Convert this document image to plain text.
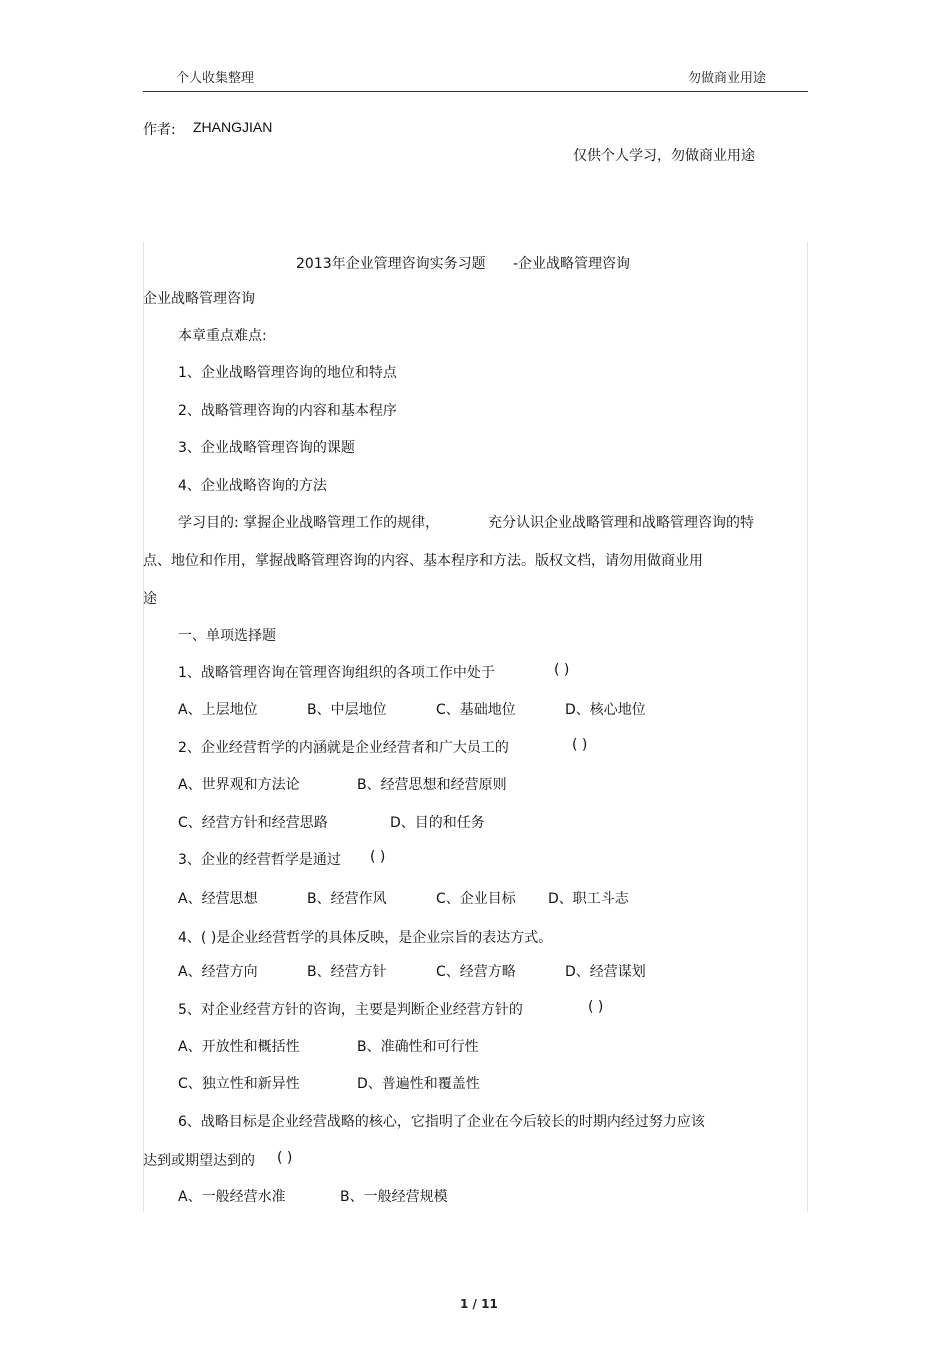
个人收集整理	勿做商业用途
作者: ZHANGJIAN
仅供个人学习，勿做商业用途
2013年企业管理咨询实务习题 -企业战略管理咨询
企业战略管理咨询
本章重点难点:
1、企业战略管理咨询的地位和特点
2、战略管理咨询的内容和基本程序
3、企业战略管理咨询的课题
4、企业战略咨询的方法
学习目的: 掌握企业战略管理工作的规律，	充分认识企业战略管理和战略管理咨询的特
点、地位和作用，掌握战略管理咨询的内容、基本程序和方法。版权文档，请勿用做商业用
途
一、单项选择题
1、战略管理咨询在管理咨询组织的各项工作中处于	( )
A、上层地位	B、中层地位	C、基础地位	D、核心地位
2、企业经营哲学的内涵就是企业经营者和广大员工的	( )
A、世界观和方法论	B、经营思想和经营原则
C、经营方针和经营思路	D、目的和任务
3、企业的经营哲学是通过 ( )
A、经营思想	B、经营作风	C、企业目标 D、职工斗志
4、( )是企业经营哲学的具体反映，是企业宗旨的表达方式。
A、经营方向	B、经营方针	C、经营方略	D、经营谋划
5、对企业经营方针的咨询，主要是判断企业经营方针的	( )
A、开放性和概括性	B、准确性和可行性
C、独立性和新异性	D、普遍性和覆盖性
6、战略目标是企业经营战略的核心，它指明了企业在今后较长的时期内经过努力应该
达到或期望达到的 ( )
A、一般经营水准	B、一般经营规模
1 / 11
